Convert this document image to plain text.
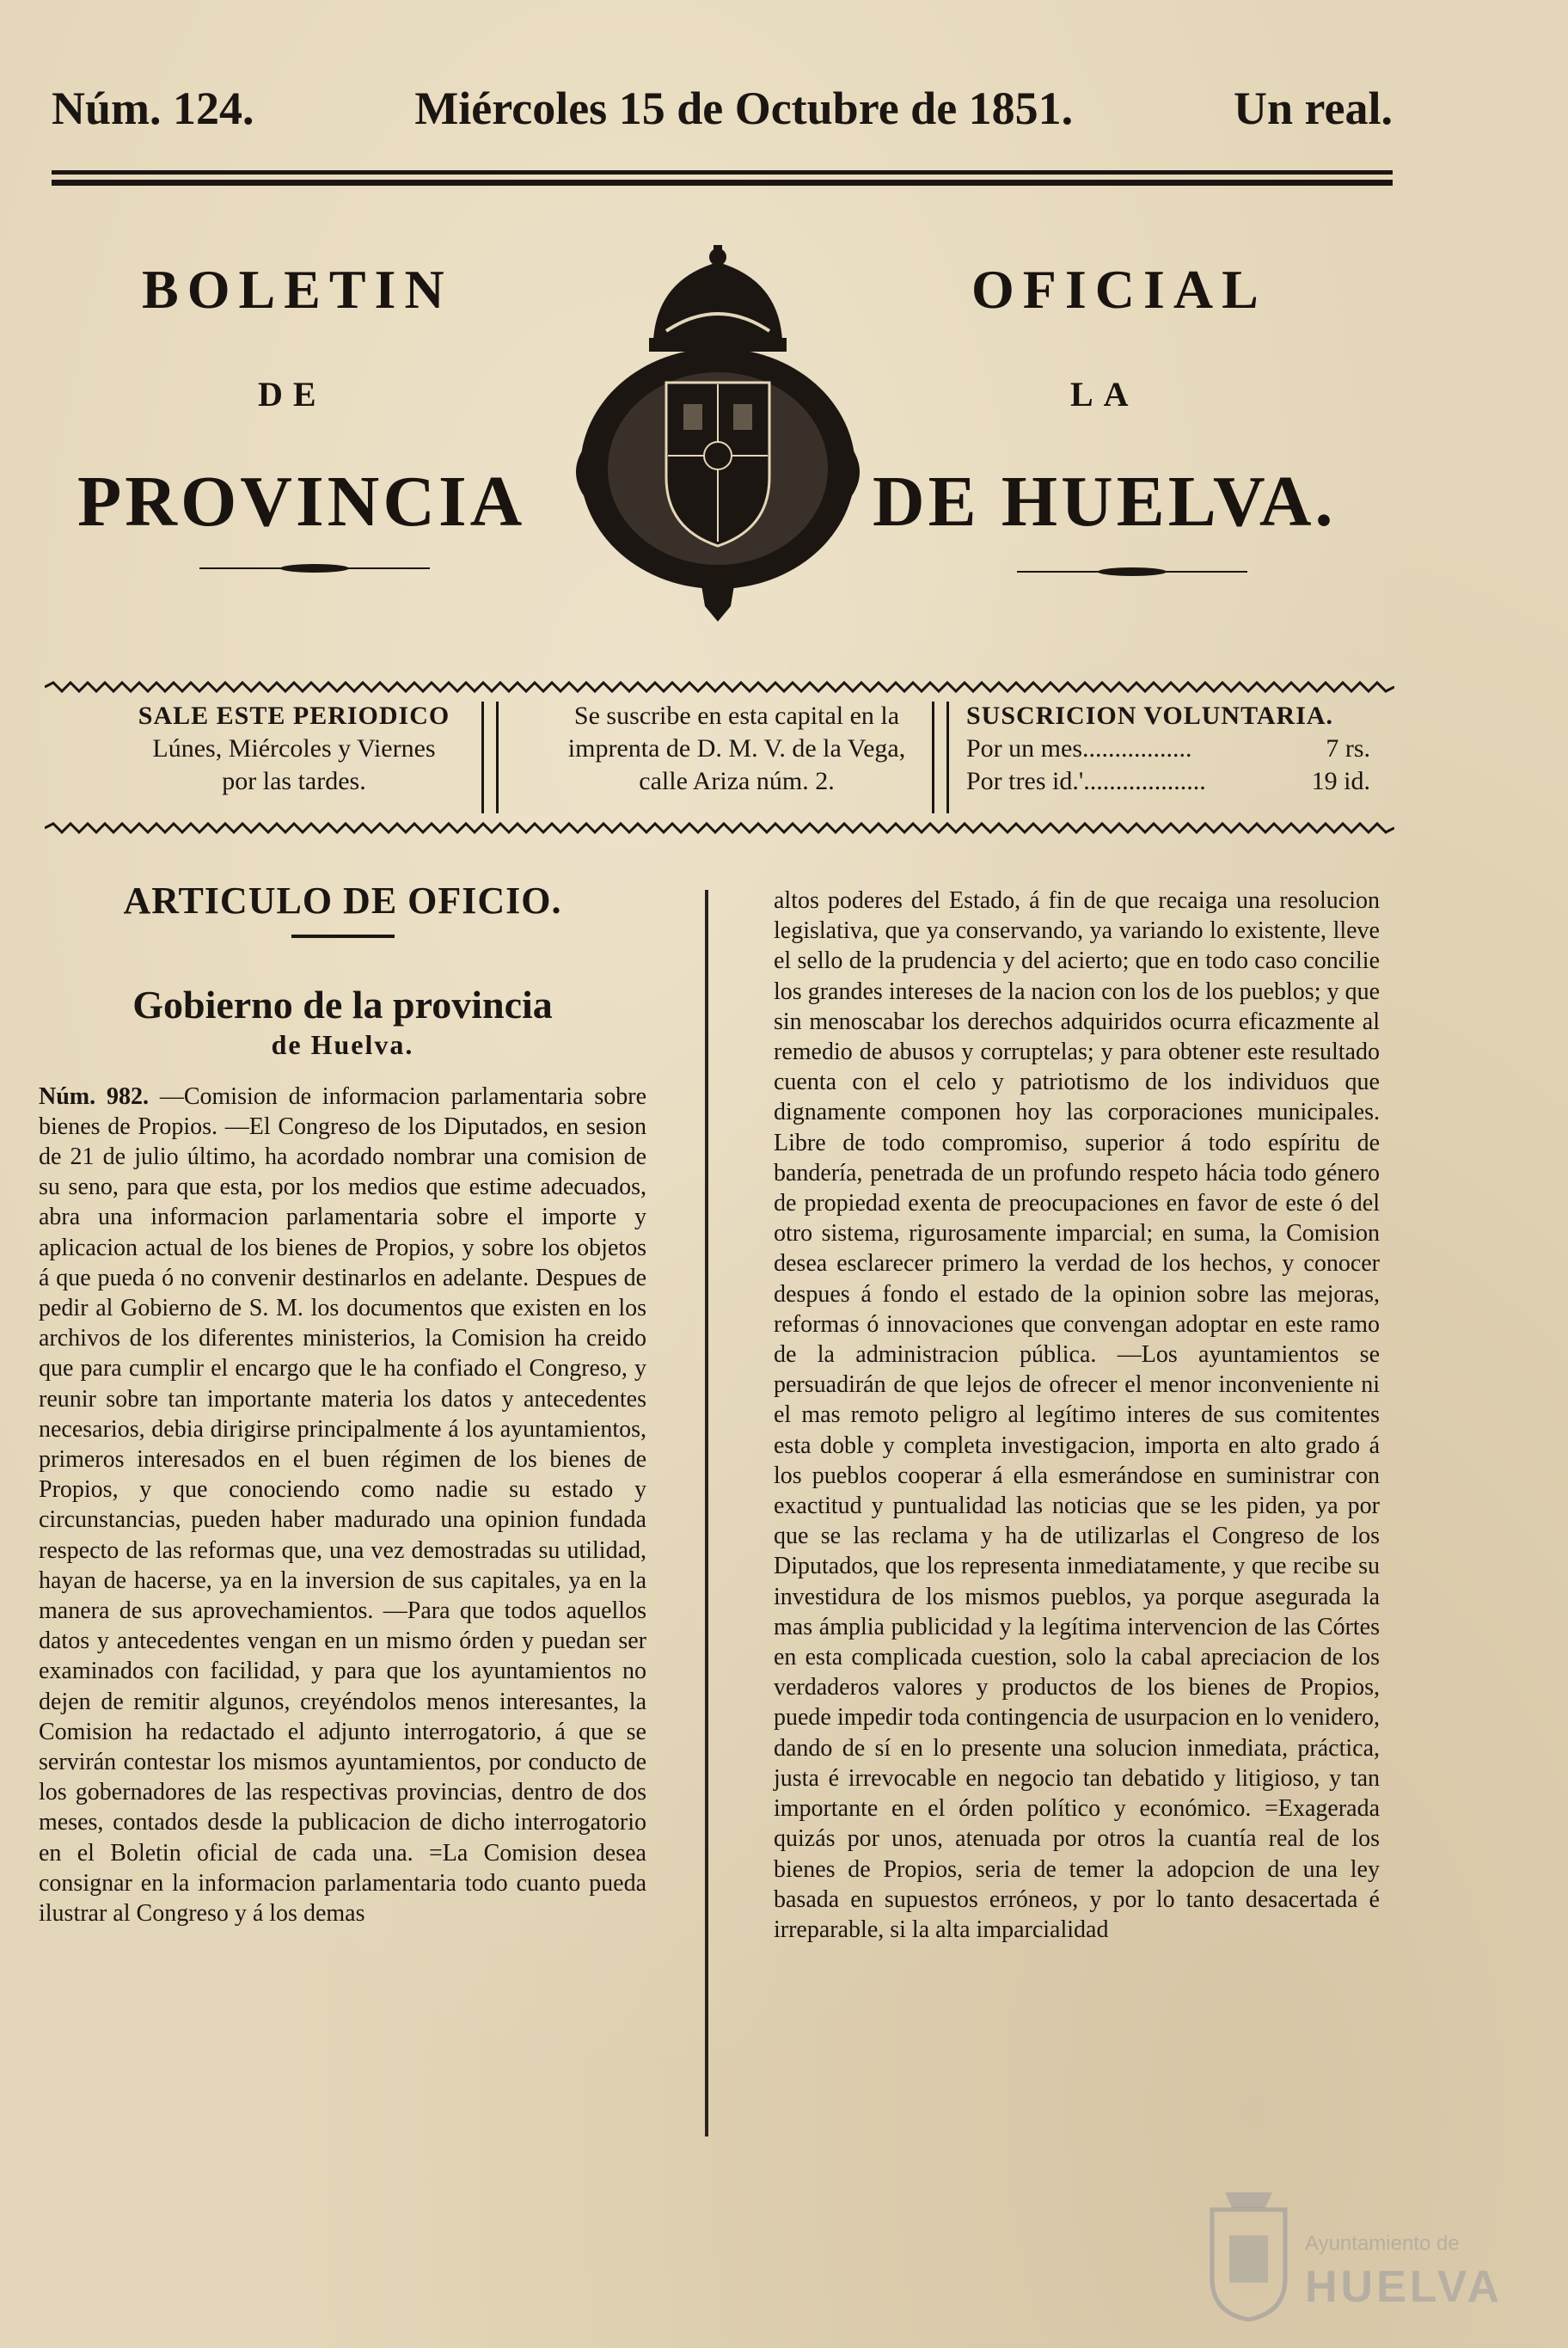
Núm. 124.	Miércoles 15 de Octubre de 1851.	Un real.
BOLETIN	OFICIAL
DE	LA
PROVINCIA	DE HUELVA.
SALE ESTE PERIODICO
Lúnes, Miércoles y Viernes
por las tardes.
Se suscribe en esta capital en la
imprenta de D. M. V. de la Vega,
calle Ariza núm. 2.
SUSCRICION VOLUNTARIA.
Por un mes.................	7 rs.
Por tres id.'...................	19 id.
ARTICULO DE OFICIO.
Gobierno de la provincia
de Huelva.

Núm. 982. —Comision de informacion parlamentaria sobre bienes de Propios. —El Congreso de los Diputados, en sesion de 21 de julio último, ha acordado nombrar una comision de su seno, para que esta, por los medios que estime adecuados, abra una informacion parlamentaria sobre el importe y aplicacion actual de los bienes de Propios, y sobre los objetos á que pueda ó no convenir destinarlos en adelante. Despues de pedir al Gobierno de S. M. los documentos que existen en los archivos de los diferentes ministerios, la Comision ha creido que para cumplir el encargo que le ha confiado el Congreso, y reunir sobre tan importante materia los datos y antecedentes necesarios, debia dirigirse principalmente á los ayuntamientos, primeros interesados en el buen régimen de los bienes de Propios, y que conociendo como nadie su estado y circunstancias, pueden haber madurado una opinion fundada respecto de las reformas que, una vez demostradas su utilidad, hayan de hacerse, ya en la inversion de sus capitales, ya en la manera de sus aprovechamientos. —Para que todos aquellos datos y antecedentes vengan en un mismo órden y puedan ser examinados con facilidad, y para que los ayuntamientos no dejen de remitir algunos, creyéndolos menos interesantes, la Comision ha redactado el adjunto interrogatorio, á que se servirán contestar los mismos ayuntamientos, por conducto de los gobernadores de las respectivas provincias, dentro de dos meses, contados desde la publicacion de dicho interrogatorio en el Boletin oficial de cada una. =La Comision desea consignar en la informacion parlamentaria todo cuanto pueda ilustrar al Congreso y á los demas

altos poderes del Estado, á fin de que recaiga una resolucion legislativa, que ya conservando, ya variando lo existente, lleve el sello de la prudencia y del acierto; que en todo caso concilie los grandes intereses de la nacion con los de los pueblos; y que sin menoscabar los derechos adquiridos ocurra eficazmente al remedio de abusos y corruptelas; y para obtener este resultado cuenta con el celo y patriotismo de los individuos que dignamente componen hoy las corporaciones municipales. Libre de todo compromiso, superior á todo espíritu de bandería, penetrada de un profundo respeto hácia todo género de propiedad exenta de preocupaciones en favor de este ó del otro sistema, rigurosamente imparcial; en suma, la Comision desea esclarecer primero la verdad de los hechos, y conocer despues á fondo el estado de la opinion sobre las mejoras, reformas ó innovaciones que convengan adoptar en este ramo de la administracion pública. —Los ayuntamientos se persuadirán de que lejos de ofrecer el menor inconveniente ni el mas remoto peligro al legítimo interes de sus comitentes esta doble y completa investigacion, importa en alto grado á los pueblos cooperar á ella esmerándose en suministrar con exactitud y puntualidad las noticias que se les piden, ya por que se las reclama y ha de utilizarlas el Congreso de los Diputados, que los representa inmediatamente, y que recibe su investidura de los mismos pueblos, ya porque asegurada la mas ámplia publicidad y la legítima intervencion de las Córtes en esta complicada cuestion, solo la cabal apreciacion de los verdaderos valores y productos de los bienes de Propios, puede impedir toda contingencia de usurpacion en lo venidero, dando de sí en lo presente una solucion inmediata, práctica, justa é irrevocable en negocio tan debatido y litigioso, y tan importante en el órden político y económico. =Exagerada quizás por unos, atenuada por otros la cuantía real de los bienes de Propios, seria de temer la adopcion de una ley basada en supuestos erróneos, y por lo tanto desacertada é irreparable, si la alta imparcialidad

Ayuntamiento de
HUELVA
